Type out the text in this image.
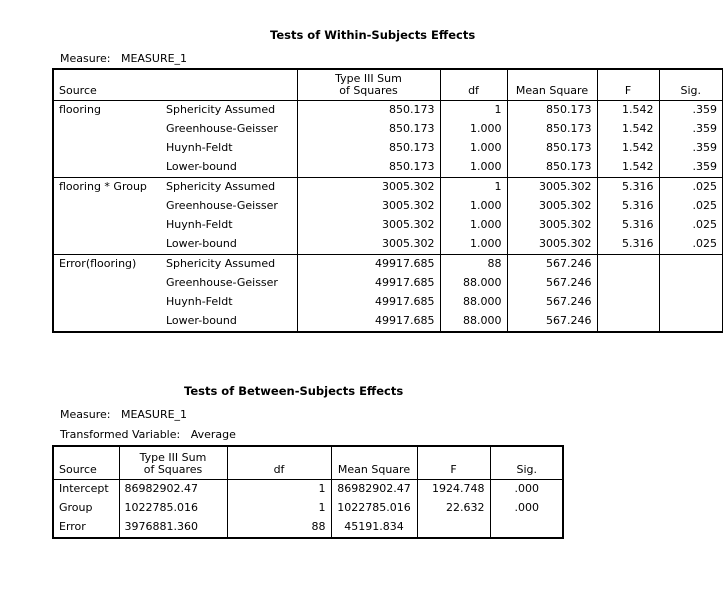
Tests of Within-Subjects Effects
Measure: MEASURE_1
Source		Type III Sum
of Squares	df	Mean Square	F	Sig.
flooring	Sphericity Assumed	850.173	1	850.173	1.542	.359
	Greenhouse-Geisser	850.173	1.000	850.173	1.542	.359
	Huynh-Feldt	850.173	1.000	850.173	1.542	.359
	Lower-bound	850.173	1.000	850.173	1.542	.359
flooring * Group	Sphericity Assumed	3005.302	1	3005.302	5.316	.025
	Greenhouse-Geisser	3005.302	1.000	3005.302	5.316	.025
	Huynh-Feldt	3005.302	1.000	3005.302	5.316	.025
	Lower-bound	3005.302	1.000	3005.302	5.316	.025
Error(flooring)	Sphericity Assumed	49917.685	88	567.246		
	Greenhouse-Geisser	49917.685	88.000	567.246		
	Huynh-Feldt	49917.685	88.000	567.246		
	Lower-bound	49917.685	88.000	567.246		
Tests of Between-Subjects Effects
Measure: MEASURE_1
Transformed Variable: Average
Source	Type III Sum
of Squares	df	Mean Square	F	Sig.
Intercept	86982902.47	1	86982902.47	1924.748	.000
Group	1022785.016	1	1022785.016	22.632	.000
Error	3976881.360	88	45191.834		
